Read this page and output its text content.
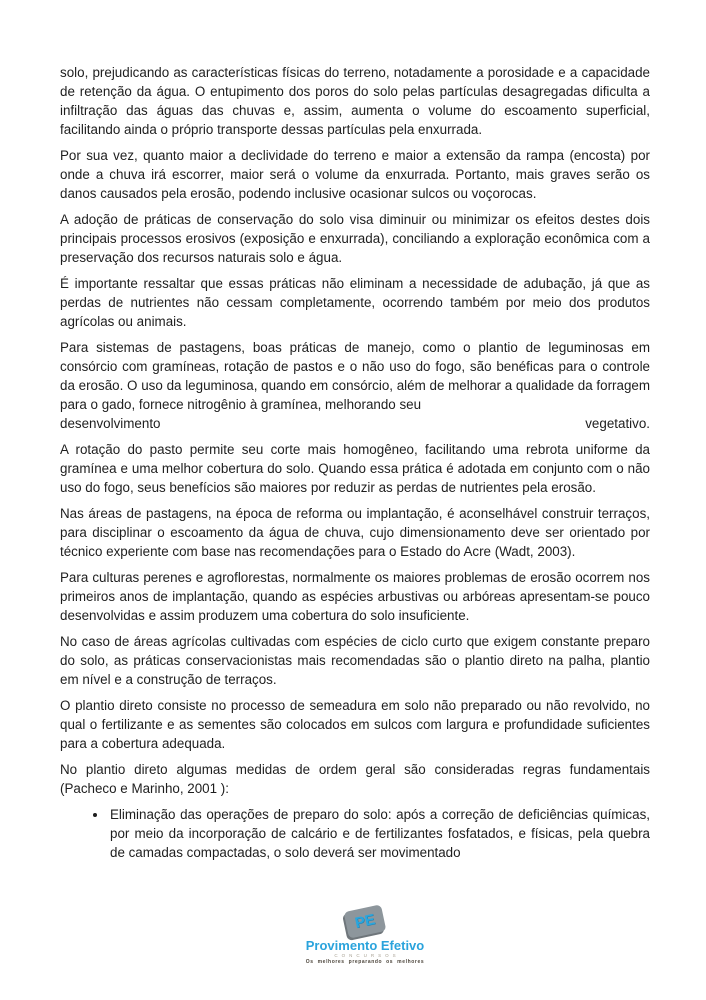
solo, prejudicando as características físicas do terreno, notadamente a porosidade e a capacidade de retenção da água. O entupimento dos poros do solo pelas partículas desagregadas dificulta a infiltração das águas das chuvas e, assim, aumenta o volume do escoamento superficial, facilitando ainda o próprio transporte dessas partículas pela enxurrada.

Por sua vez, quanto maior a declividade do terreno e maior a extensão da rampa (encosta) por onde a chuva irá escorrer, maior será o volume da enxurrada. Portanto, mais graves serão os danos causados pela erosão, podendo inclusive ocasionar sulcos ou voçorocas.

A adoção de práticas de conservação do solo visa diminuir ou minimizar os efeitos destes dois principais processos erosivos (exposição e enxurrada), conciliando a exploração econômica com a preservação dos recursos naturais solo e água.

É importante ressaltar que essas práticas não eliminam a necessidade de adubação, já que as perdas de nutrientes não cessam completamente, ocorrendo também por meio dos produtos agrícolas ou animais.

Para sistemas de pastagens, boas práticas de manejo, como o plantio de leguminosas em consórcio com gramíneas, rotação de pastos e o não uso do fogo, são benéficas para o controle da erosão. O uso da leguminosa, quando em consórcio, além de melhorar a qualidade da forragem para o gado, fornece nitrogênio à gramínea, melhorando seu

desenvolvimento	vegetativo.

A rotação do pasto permite seu corte mais homogêneo, facilitando uma rebrota uniforme da gramínea e uma melhor cobertura do solo. Quando essa prática é adotada em conjunto com o não uso do fogo, seus benefícios são maiores por reduzir as perdas de nutrientes pela erosão.

Nas áreas de pastagens, na época de reforma ou implantação, é aconselhável construir terraços, para disciplinar o escoamento da água de chuva, cujo dimensionamento deve ser orientado por técnico experiente com base nas recomendações para o Estado do Acre (Wadt, 2003).

Para culturas perenes e agroflorestas, normalmente os maiores problemas de erosão ocorrem nos primeiros anos de implantação, quando as espécies arbustivas ou arbóreas apresentam-se pouco desenvolvidas e assim produzem uma cobertura do solo insuficiente.

No caso de áreas agrícolas cultivadas com espécies de ciclo curto que exigem constante preparo do solo, as práticas conservacionistas mais recomendadas são o plantio direto na palha, plantio em nível e a construção de terraços.

O plantio direto consiste no processo de semeadura em solo não preparado ou não revolvido, no qual o fertilizante e as sementes são colocados em sulcos com largura e profundidade suficientes para a cobertura adequada.

No plantio direto algumas medidas de ordem geral são consideradas regras fundamentais (Pacheco e Marinho, 2001 ):

• Eliminação das operações de preparo do solo: após a correção de deficiências químicas, por meio da incorporação de calcário e de fertilizantes fosfatados, e físicas, pela quebra de camadas compactadas, o solo deverá ser movimentado
PE
Provimento Efetivo
CONCURSOS
Os melhores preparando os melhores
